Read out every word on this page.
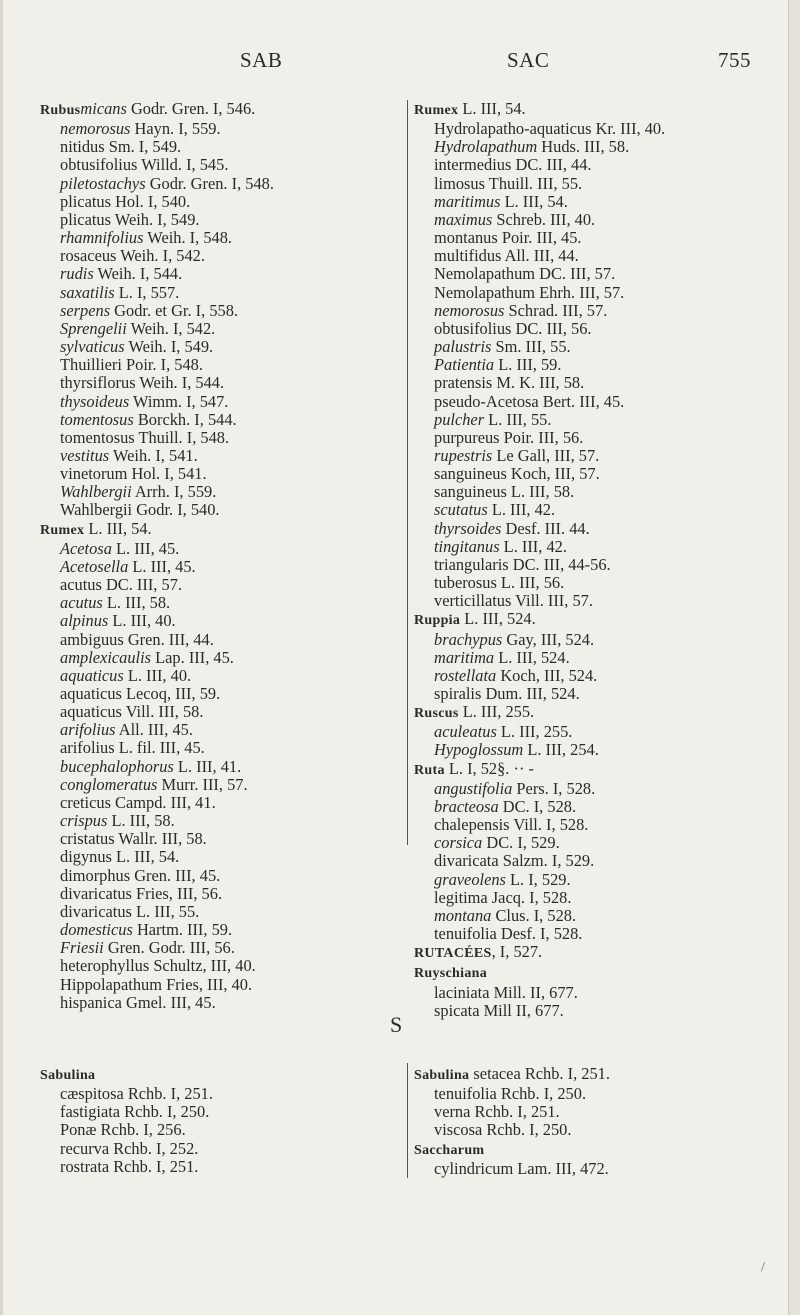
SAB	SAC	755
Rubusmicans Godr. Gren. I, 546.
nemorosus Hayn. I, 559.
nitidus Sm. I, 549.
obtusifolius Willd. I, 545.
piletostachys Godr. Gren. I, 548.
plicatus Hol. I, 540.
plicatus Weih. I, 549.
rhamnifolius Weih. I, 548.
rosaceus Weih. I, 542.
rudis Weih. I, 544.
saxatilis L. I, 557.
serpens Godr. et Gr. I, 558.
Sprengelii Weih. I, 542.
sylvaticus Weih. I, 549.
Thuillieri Poir. I, 548.
thyrsiflorus Weih. I, 544.
thysoideus Wimm. I, 547.
tomentosus Borckh. I, 544.
tomentosus Thuill. I, 548.
vestitus Weih. I, 541.
vinetorum Hol. I, 541.
Wahlbergii Arrh. I, 559.
Wahlbergii Godr. I, 540.
Rumex L. III, 54.
Acetosa L. III, 45.
Acetosella L. III, 45.
acutus DC. III, 57.
acutus L. III, 58.
alpinus L. III, 40.
ambiguus Gren. III, 44.
amplexicaulis Lap. III, 45.
aquaticus L. III, 40.
aquaticus Lecoq, III, 59.
aquaticus Vill. III, 58.
arifolius All. III, 45.
arifolius L. fil. III, 45.
bucephalophorus L. III, 41.
conglomeratus Murr. III, 57.
creticus Campd. III, 41.
crispus L. III, 58.
cristatus Wallr. III, 58.
digynus L. III, 54.
dimorphus Gren. III, 45.
divaricatus Fries, III, 56.
divaricatus L. III, 55.
domesticus Hartm. III, 59.
Friesii Gren. Godr. III, 56.
heterophyllus Schultz, III, 40.
Hippolapathum Fries, III, 40.
hispanica Gmel. III, 45.
Rumex L. III, 54.
Hydrolapatho-aquaticus Kr. III, 40.
Hydrolapathum Huds. III, 58.
intermedius DC. III, 44.
limosus Thuill. III, 55.
maritimus L. III, 54.
maximus Schreb. III, 40.
montanus Poir. III, 45.
multifidus All. III, 44.
Nemolapathum DC. III, 57.
Nemolapathum Ehrh. III, 57.
nemorosus Schrad. III, 57.
obtusifolius DC. III, 56.
palustris Sm. III, 55.
Patientia L. III, 59.
pratensis M. K. III, 58.
pseudo-Acetosa Bert. III, 45.
pulcher L. III, 55.
purpureus Poir. III, 56.
rupestris Le Gall, III, 57.
sanguineus Koch, III, 57.
sanguineus L. III, 58.
scutatus L. III, 42.
thyrsoides Desf. III. 44.
tingitanus L. III, 42.
triangularis DC. III, 44-56.
tuberosus L. III, 56.
verticillatus Vill. III, 57.
Ruppia L. III, 524.
brachypus Gay, III, 524.
maritima L. III, 524.
rostellata Koch, III, 524.
spiralis Dum. III, 524.
Ruscus L. III, 255.
aculeatus L. III, 255.
Hypoglossum L. III, 254.
Ruta L. I, 52§. ·· -
angustifolia Pers. I, 528.
bracteosa DC. I, 528.
chalepensis Vill. I, 528.
corsica DC. I, 529.
divaricata Salzm. I, 529.
graveolens L. I, 529.
legitima Jacq. I, 528.
montana Clus. I, 528.
tenuifolia Desf. I, 528.
RUTACÉES, I, 527.
Ruyschiana
laciniata Mill. II, 677.
spicata Mill II, 677.
S
Sabulina
cæspitosa Rchb. I, 251.
fastigiata Rchb. I, 250.
Ponæ Rchb. I, 256.
recurva Rchb. I, 252.
rostrata Rchb. I, 251.
Sabulina setacea Rchb. I, 251.
tenuifolia Rchb. I, 250.
verna Rchb. I, 251.
viscosa Rchb. I, 250.
Saccharum
cylindricum Lam. III, 472.
\
